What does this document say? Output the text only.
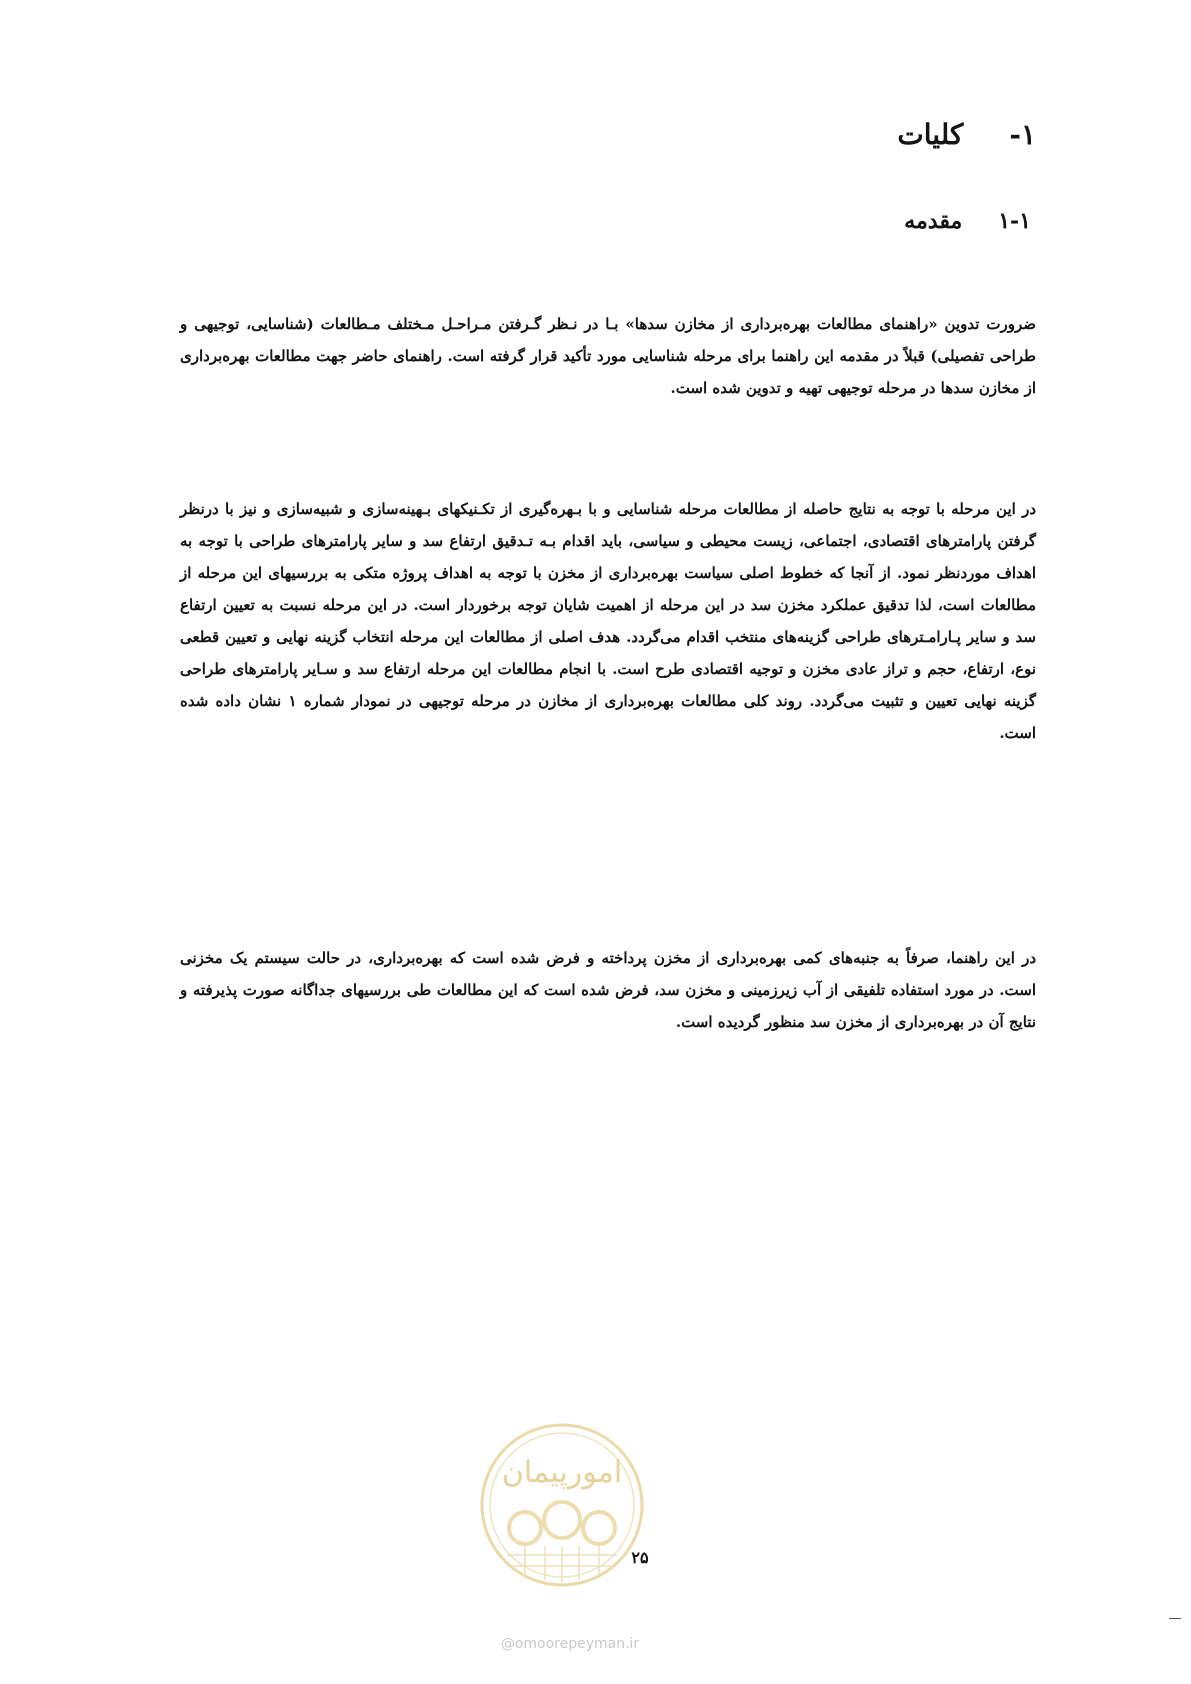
۱-
کلیات
۱-۱
مقدمه

ضرورت تدوین «راهنمای مطالعات بهره‌برداری از مخازن سدها» بـا در نـظر گـرفتن مـراحـل مـختلف مـطالعات (شناسایی، توجیهی و طراحی تفصیلی) قبلاً در مقدمه این راهنما برای مرحله شناسایی مورد تأکید قرار گرفته است. راهنمای حاضر جهت مطالعات بهره‌برداری از مخازن سدها در مرحله توجیهی تهیه و تدوین شده است.

در این مرحله با توجه به نتایج حاصله از مطالعات مرحله شناسایی و با بـهره‌گیری از تکـنیکهای بـهینه‌سازی و شبیه‌سازی و نیز با درنظر گرفتن پارامترهای اقتصادی، اجتماعی، زیست محیطی و سیاسی، باید اقدام بـه تـدقیق ارتفاع سد و سایر پارامترهای طراحی با توجه به اهداف موردنظر نمود. از آنجا که خطوط اصلی سیاست بهره‌برداری از مخزن با توجه به اهداف پروژه متکی به بررسیهای این مرحله از مطالعات است، لذا تدقیق عملکرد مخزن سد در این مرحله از اهمیت شایان توجه برخوردار است. در این مرحله نسبت به تعیین ارتفاع سد و سایر پـارامـترهای طراحی گزینه‌های منتخب اقدام می‌گردد. هدف اصلی از مطالعات این مرحله انتخاب گزینه نهایی و تعیین قطعی نوع، ارتفاع، حجم و تراز عادی مخزن و توجیه اقتصادی طرح است. با انجام مطالعات این مرحله ارتفاع سد و سـایر پارامترهای طراحی گزینه نهایی تعیین و تثبیت می‌گردد. روند کلی مطالعات بهره‌برداری از مخازن در مرحله توجیهی در نمودار شماره ۱ نشان داده شده است.

در این راهنما، صرفاً به جنبه‌های کمی بهره‌برداری از مخزن پرداخته و فرض شده است که بهره‌برداری، در حالت سیستم یک مخزنی است. در مورد استفاده تلفیقی از آب زیرزمینی و مخزن سد، فرض شده است که این مطالعات طی بررسیهای جداگانه صورت پذیرفته و نتایج آن در بهره‌برداری از مخزن سد منظور گردیده است.

امورپیمان
۲۵
@omoorepeyman.ir
